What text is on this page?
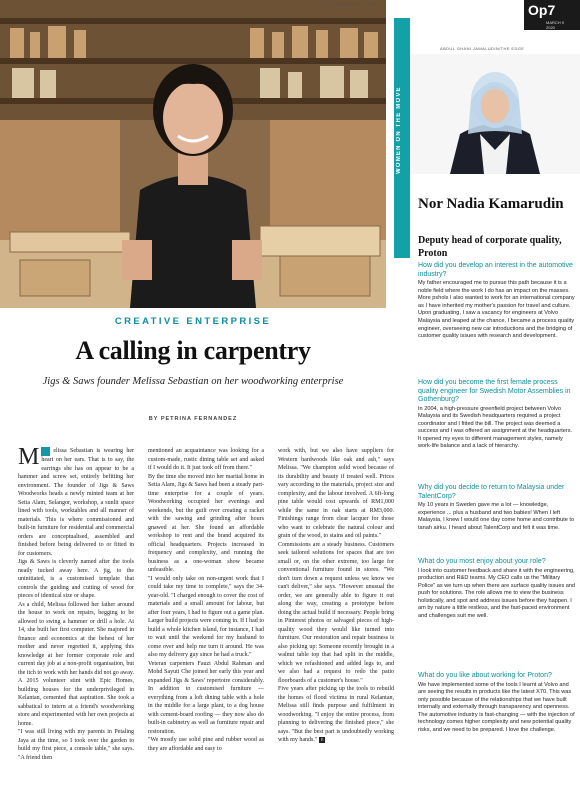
ISAAC BASRAN/THE EDGE
CREATIVE ENTERPRISE
A calling in carpentry
Jigs & Saws founder Melissa Sebastian on her woodworking enterprise
BY PETRINA FERNANDEZ

M elissa Sebastian is wearing her heart on her ears. That is to say, the earrings she has on appear to be a hammer and screw set, entirely befitting her environment. The founder of Jigs & Saws Woodworks heads a newly minted team at her Setia Alam, Selangor, workshop, a sunlit space lined with tools, worktables and all manner of materials. This is where commissioned and built-in furniture for residential and commercial orders are conceptualised, assembled and finished before being delivered to or fitted in for customers.

Jigs & Saws is cleverly named after the tools neatly tucked away here. A jig, to the uninitiated, is a customised template that controls the guiding and cutting of wood for pieces of identical size or shape.

As a child, Melissa followed her father around the house to work on repairs, begging to be allowed to swing a hammer or drill a hole. At 14, she built her first computer. She majored in finance and economics at the behest of her mother and never regretted it, applying this knowledge at her former corporate role and current day job at a non-profit organisation, but the itch to work with her hands did not go away. A 2015 volunteer stint with Epic Homes, building houses for the underprivileged in Kelantan, cemented that aspiration. She took a sabbatical to intern at a friend's woodworking store and experimented with her own projects at home.

"I was still living with my parents in Petaling Jaya at the time, so I took over the garden to build my first piece, a console table," she says. "A friend then

mentioned an acquaintance was looking for a custom-made, rustic dining table set and asked if I would do it. It just took off from there."

By the time she moved into her marital home in Setia Alam, Jigs & Saws had been a steady part-time enterprise for a couple of years. Woodworking occupied her evenings and weekends, but the guilt over creating a racket with the sawing and grinding after hours gnawed at her. She found an affordable workshop to rent and the brand acquired its official headquarters. Projects increased in frequency and complexity, and running the business as a one-woman show became unfeasible.

"I would only take on non-urgent work that I could take my time to complete," says the 34-year-old. "I charged enough to cover the cost of materials and a small amount for labour, but after four years, I had to figure out a game plan. Larger build projects were coming in. If I had to build a whole kitchen island, for instance, I had to wait until the weekend for my husband to come over and help me turn it around. He was also my delivery guy since he had a truck."

Veteran carpenters Fauzi Abdul Rahman and Mohd Sayuti Che joined her early this year and expanded Jigs & Saws' repertoire considerably. In addition to customised furniture — everything from a loft dining table with a hole in the middle for a large plant, to a dog house with cement-board roofing — they now also do built-in cabinetry as well as furniture repair and restoration.

"We mostly use solid pine and rubber wood as they are affordable and easy to

work with, but we also have suppliers for Western hardwoods like oak and ash," says Melissa. "We champion solid wood because of its durability and beauty if treated well. Prices vary according to the materials, project size and complexity, and the labour involved. A 6ft-long pine table would cost upwards of RM1,000 while the same in oak starts at RM3,000. Finishings range from clear lacquer for those who want to celebrate the natural colour and grain of the wood, to stains and oil paints."

Commissions are a steady business. Customers seek tailored solutions for spaces that are too small or, on the other extreme, too large for conventional furniture found in stores. "We don't turn down a request unless we know we can't deliver," she says. "However unusual the order, we are generally able to figure it out along the way, creating a prototype before doing the actual build if necessary. People bring in Pinterest photos or salvaged pieces of high-quality wood they would like turned into furniture. Our restoration and repair business is also picking up: Someone recently brought in a walnut table top that had split in the middle, which we refashioned and added legs to, and we also had a request to redo the patio floorboards of a customer's house."

Five years after picking up the tools to rebuild the homes of flood victims in rural Kelantan, Melissa still finds purpose and fulfilment in woodworking. "I enjoy the entire process, from planning to delivering the finished piece," she says. "But the best part is undoubtedly working with my hands." E

WOMEN ON THE MOVE
Op7
MARCH 9
2020
ABDUL GHANI JAMALUDIN/THE EDGE
Nor Nadia Kamarudin
Deputy head of corporate quality, Proton
How did you develop an interest in the automotive industry?
My father encouraged me to pursue this path because it is a noble field where the work I do has an impact on the masses. More pshols I also wanted to work for an international company as I have inherited my mother's passion for travel and culture. Upon graduating, I saw a vacancy for engineers at Volvo Malaysia and leaped at the chance. I became a process quality engineer, overseeing new car introductions and the bridging of customer quality issues with research and development.
How did you become the first female process quality engineer for Swedish Motor Assemblies in Gothenburg?
In 2004, a high-pressure greenfield project between Volvo Malaysia and its Swedish headquarters required a project coordinator and I fitted the bill. The project was deemed a success and I was offered an assignment at the headquarters. It opened my eyes to different management styles, namely work-life balance and a lack of hierarchy.
Why did you decide to return to Malaysia under TalentCorp?
My 10 years in Sweden gave me a lot — knowledge, experience ... plus a husband and two babies! When I left Malaysia, I knew I would one day come home and contribute to tanah airku. I heard about TalentCorp and felt it was time.
What do you most enjoy about your role?
I look into customer feedback and share it with the engineering, production and R&D teams. My CEO calls us the "Military Police" as we turn up when there are surface quality issues and push for solutions. The role allows me to view the business holistically, and spot and address issues before they happen. I am by nature a little restless, and the fast-paced environment and challenges suit me well.
What do you like about working for Proton?
We have implemented some of the tools I learnt at Volvo and are seeing the results in products like the latest X70. This was only possible because of the relationships that we have built internally and externally through transparency and openness. The automotive industry is fast-changing — with the injection of technology comes higher complexity and new potential quality risks, and we need to be prepared. I love the challenge.
